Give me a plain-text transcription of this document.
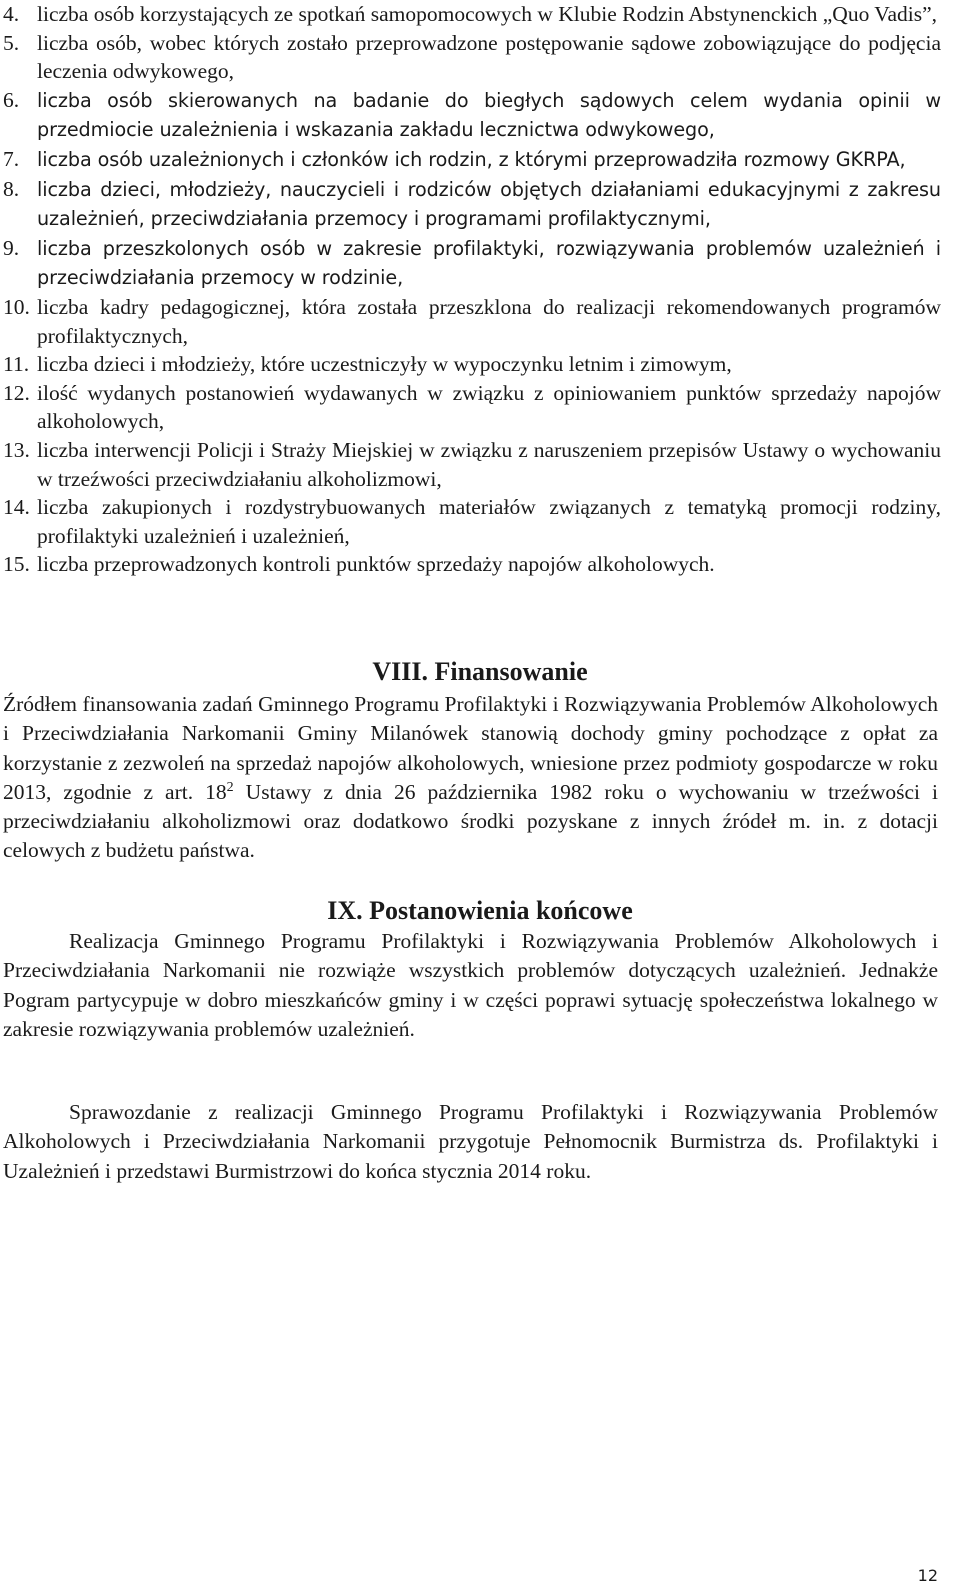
4. liczba osób korzystających ze spotkań samopomocowych w Klubie Rodzin Abstynenckich „Quo Vadis”,
5. liczba osób, wobec których zostało przeprowadzone postępowanie sądowe zobowiązujące do podjęcia leczenia odwykowego,
6. liczba osób skierowanych na badanie do biegłych sądowych celem wydania opinii w przedmiocie uzależnienia i wskazania zakładu lecznictwa odwykowego,
7. liczba osób uzależnionych i członków ich rodzin, z którymi przeprowadziła rozmowy GKRPA,
8. liczba dzieci, młodzieży, nauczycieli i rodziców objętych działaniami edukacyjnymi z zakresu uzależnień, przeciwdziałania przemocy i programami profilaktycznymi,
9. liczba przeszkolonych osób w zakresie profilaktyki, rozwiązywania problemów uzależnień i przeciwdziałania przemocy w rodzinie,
10. liczba kadry pedagogicznej, która została przeszklona do realizacji rekomendowanych programów profilaktycznych,
11. liczba dzieci i młodzieży, które uczestniczyły w wypoczynku letnim i zimowym,
12. ilość wydanych postanowień wydawanych w związku z opiniowaniem punktów sprzedaży napojów alkoholowych,
13. liczba interwencji Policji i Straży Miejskiej w związku z naruszeniem przepisów Ustawy o wychowaniu w trzeźwości przeciwdziałaniu alkoholizmowi,
14. liczba zakupionych i rozdystrybuowanych materiałów związanych z tematyką promocji rodziny, profilaktyki uzależnień i uzależnień,
15. liczba przeprowadzonych kontroli punktów sprzedaży napojów alkoholowych.
VIII. Finansowanie

Źródłem finansowania zadań Gminnego Programu Profilaktyki i Rozwiązywania Problemów Alkoholowych i Przeciwdziałania Narkomanii Gminy Milanówek stanowią dochody gminy pochodzące z opłat za korzystanie z zezwoleń na sprzedaż napojów alkoholowych, wniesione przez podmioty gospodarcze w roku 2013, zgodnie z art. $18^2$ Ustawy z dnia 26 października 1982 roku o wychowaniu w trzeźwości i przeciwdziałaniu alkoholizmowi oraz dodatkowo środki pozyskane z innych źródeł m. in. z dotacji celowych z budżetu państwa.

IX. Postanowienia końcowe

Realizacja Gminnego Programu Profilaktyki i Rozwiązywania Problemów Alkoholowych i Przeciwdziałania Narkomanii nie rozwiąże wszystkich problemów dotyczących uzależnień. Jednakże Pogram partycypuje w dobro mieszkańców gminy i w części poprawi sytuację społeczeństwa lokalnego w zakresie rozwiązywania problemów uzależnień.

Sprawozdanie z realizacji Gminnego Programu Profilaktyki i Rozwiązywania Problemów Alkoholowych i Przeciwdziałania Narkomanii przygotuje Pełnomocnik Burmistrza ds. Profilaktyki i Uzależnień i przedstawi Burmistrzowi do końca stycznia 2014 roku.

12
